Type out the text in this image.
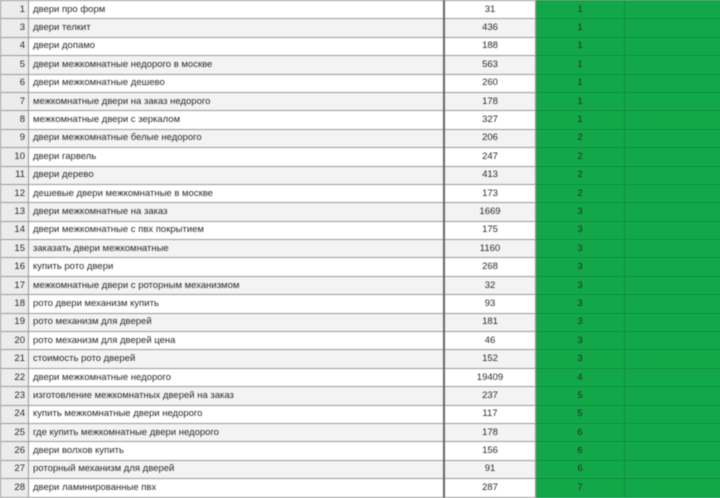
1	двери про форм	31	1	
3	двери телкит	436	1	
4	двери допамо	188	1	
5	двери межкомнатные недорого в москве	563	1	
6	двери межкомнатные дешево	260	1	
7	межкомнатные двери на заказ недорого	178	1	
8	межкомнатные двери с зеркалом	327	1	
9	двери межкомнатные белые недорого	206	2	
10	двери гарвель	247	2	
11	двери дерево	413	2	
12	дешевые двери межкомнатные в москве	173	2	
13	двери межкомнатные на заказ	1669	3	
14	двери межкомнатные с пвх покрытием	175	3	
15	заказать двери межкомнатные	1160	3	
16	купить рото двери	268	3	
17	межкомнатные двери с роторным механизмом	32	3	
18	рото двери механизм купить	93	3	
19	рото механизм для дверей	181	3	
20	рото механизм для дверей цена	46	3	
21	стоимость рото дверей	152	3	
22	двери межкомнатные недорого	19409	4	
23	изготовление межкомнатных дверей на заказ	237	5	
24	купить межкомнатные двери недорого	117	5	
25	где купить межкомнатные двери недорого	178	6	
26	двери волхов купить	156	6	
27	роторный механизм для дверей	91	6	
28	двери ламинированные пвх	287	7	
